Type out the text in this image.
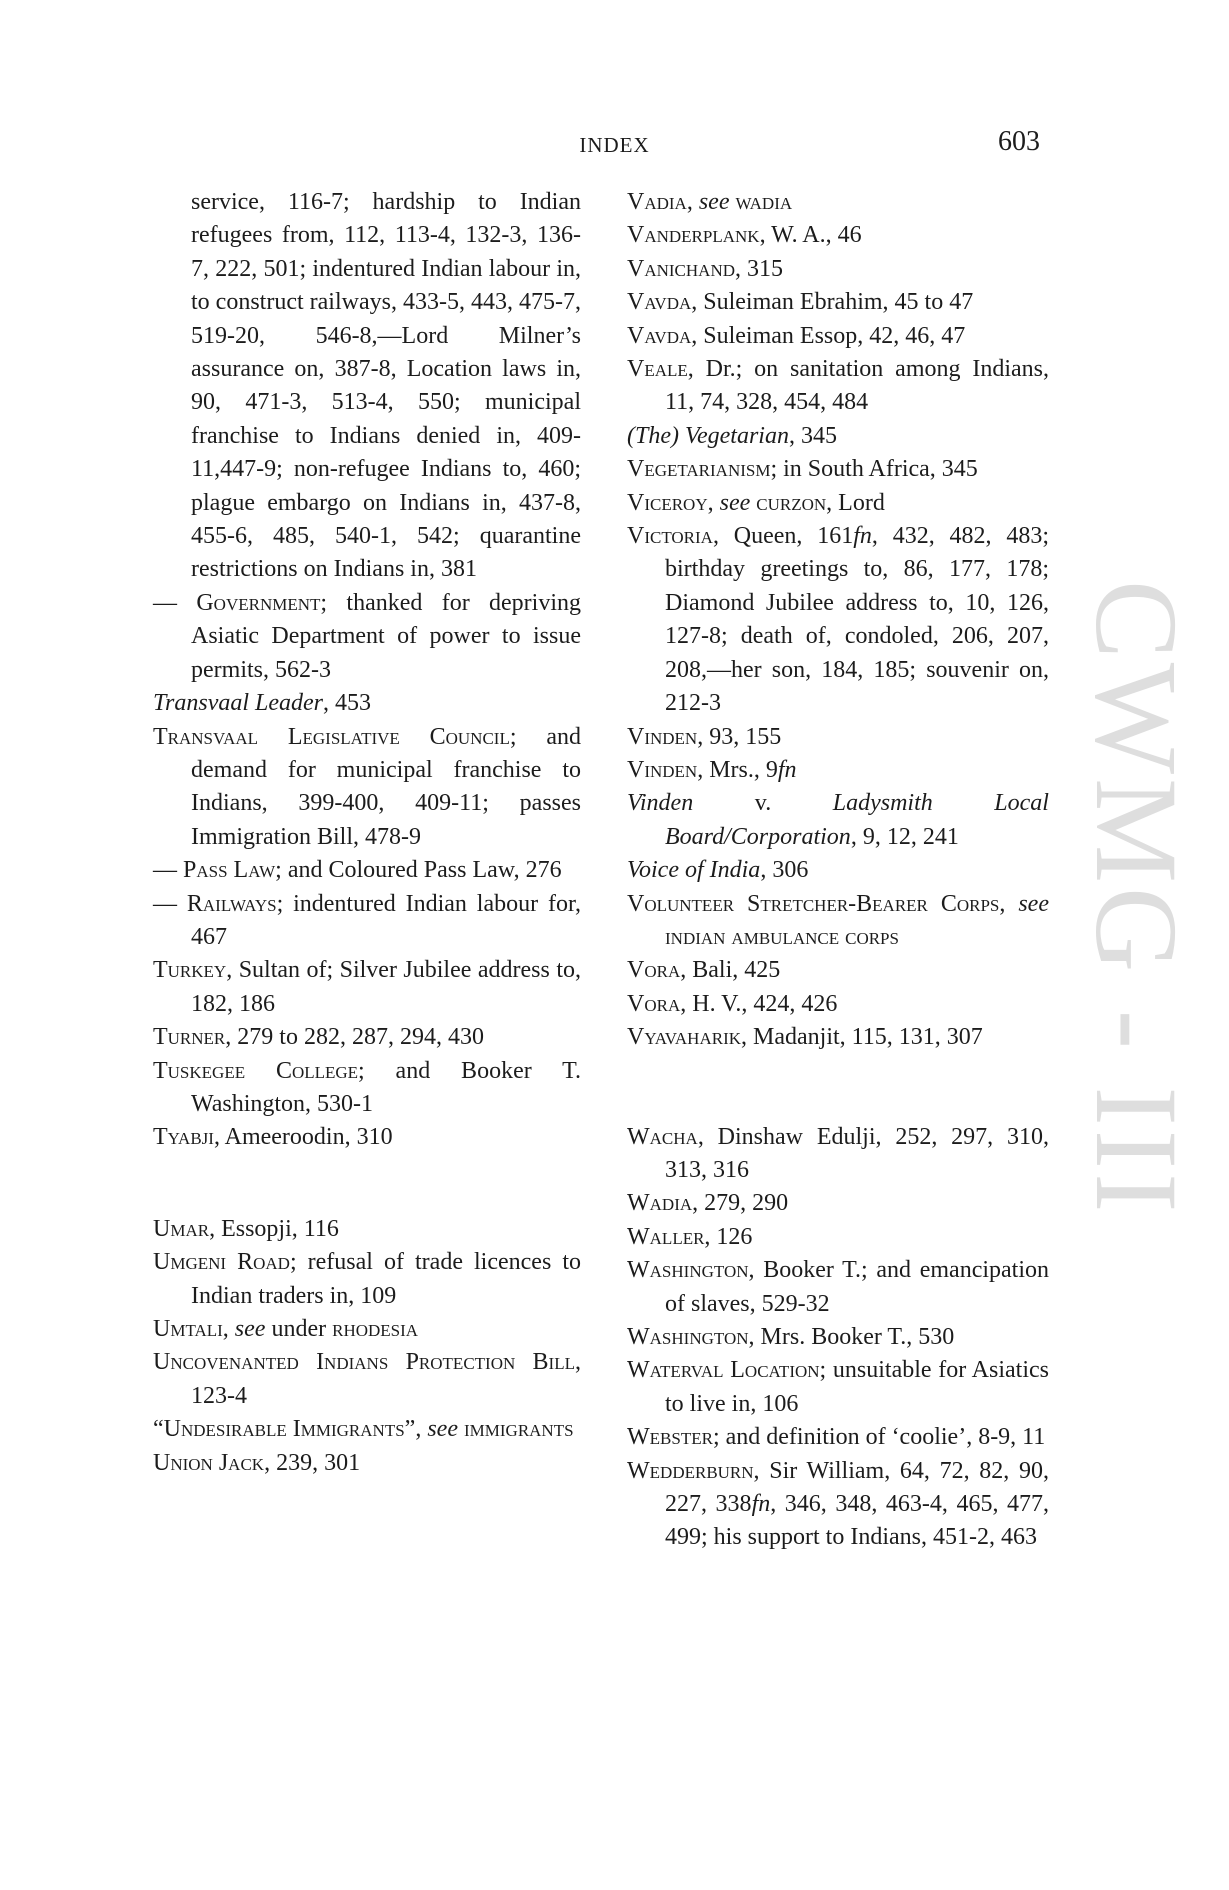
INDEX	603
CWMG - III
service, 116-7; hardship to Indian refugees from, 112, 113-4, 132-3, 136-7, 222, 501; indentured Indian labour in, to construct railways, 433-5, 443, 475-7, 519-20, 546-8,—Lord Milner’s assurance on, 387-8, Location laws in, 90, 471-3, 513-4, 550; municipal franchise to Indians denied in, 409-11,447-9; non-refugee Indians to, 460; plague embargo on Indians in, 437-8, 455-6, 485, 540-1, 542; quarantine restrictions on Indians in, 381
— Government; thanked for depriving Asiatic Department of power to issue permits, 562-3
Transvaal Leader, 453
Transvaal Legislative Council; and demand for municipal franchise to Indians, 399-400, 409-11; passes Immigration Bill, 478-9
— Pass Law; and Coloured Pass Law, 276
— Railways; indentured Indian labour for, 467
Turkey, Sultan of; Silver Jubilee address to, 182, 186
Turner, 279 to 282, 287, 294, 430
Tuskegee College; and Booker T. Washington, 530-1
Tyabji, Ameeroodin, 310
Umar, Essopji, 116
Umgeni Road; refusal of trade licences to Indian traders in, 109
Umtali, see under rhodesia
Uncovenanted Indians Protection Bill, 123-4
“Undesirable Immigrants”, see immigrants
Union Jack, 239, 301
Vadia, see wadia
Vanderplank, W. A., 46
Vanichand, 315
Vavda, Suleiman Ebrahim, 45 to 47
Vavda, Suleiman Essop, 42, 46, 47
Veale, Dr.; on sanitation among Indians, 11, 74, 328, 454, 484
(The) Vegetarian, 345
Vegetarianism; in South Africa, 345
Viceroy, see curzon, Lord
Victoria, Queen, 161fn, 432, 482, 483; birthday greetings to, 86, 177, 178; Diamond Jubilee address to, 10, 126, 127-8; death of, condoled, 206, 207, 208,—her son, 184, 185; souvenir on, 212-3
Vinden, 93, 155
Vinden, Mrs., 9fn
Vinden v. Ladysmith Local Board/Corporation, 9, 12, 241
Voice of India, 306
Volunteer Stretcher-Bearer Corps, see indian ambulance corps
Vora, Bali, 425
Vora, H. V., 424, 426
Vyavaharik, Madanjit, 115, 131, 307
Wacha, Dinshaw Edulji, 252, 297, 310, 313, 316
Wadia, 279, 290
Waller, 126
Washington, Booker T.; and emancipation of slaves, 529-32
Washington, Mrs. Booker T., 530
Waterval Location; unsuitable for Asiatics to live in, 106
Webster; and definition of ‘coolie’, 8-9, 11
Wedderburn, Sir William, 64, 72, 82, 90, 227, 338fn, 346, 348, 463-4, 465, 477, 499; his support to Indians, 451-2, 463
